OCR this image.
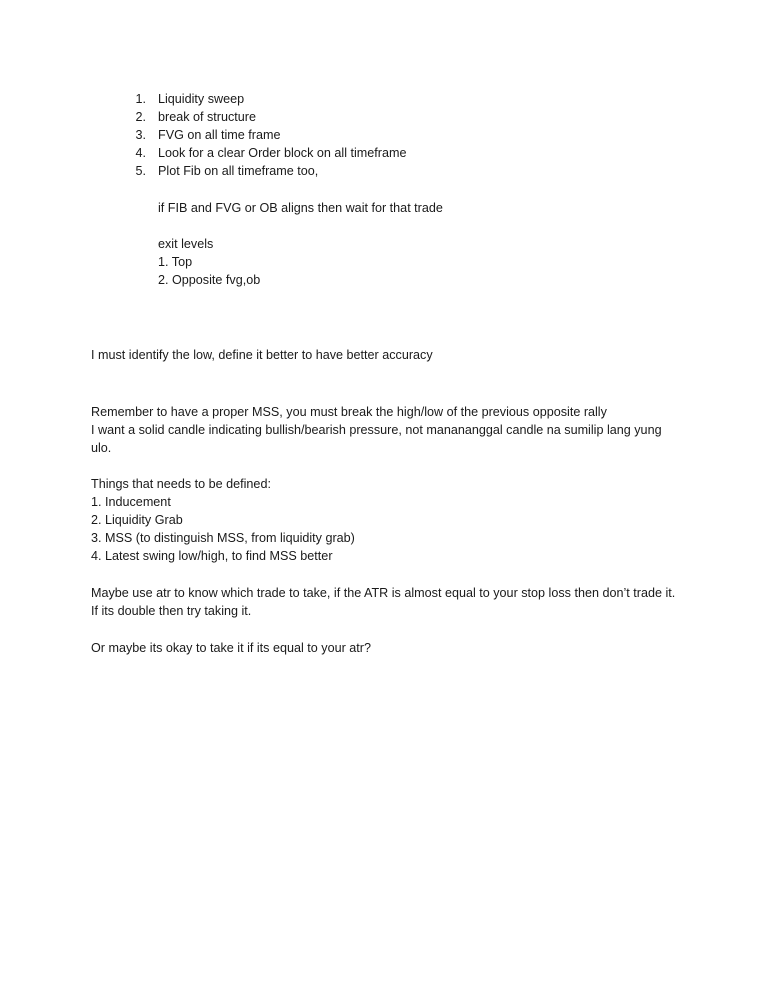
1. Liquidity sweep
2. break of structure
3. FVG on all time frame
4. Look for a clear Order block on all timeframe
5. Plot Fib on all timeframe too,
if FIB and FVG or OB aligns then wait for that trade
exit levels
1. Top
2. Opposite fvg,ob
I must identify the low, define it better to have better accuracy
Remember to have a proper MSS, you must break the high/low of the previous opposite rally
I want a solid candle indicating bullish/bearish pressure, not manananggal candle na sumilip lang yung ulo.
Things that needs to be defined:
1. Inducement
2. Liquidity Grab
3. MSS (to distinguish MSS, from liquidity grab)
4. Latest swing low/high, to find MSS better
Maybe use atr to know which trade to take, if the ATR is almost equal to your stop loss then don’t trade it. If its double then try taking it.
Or maybe its okay to take it if its equal to your atr?
